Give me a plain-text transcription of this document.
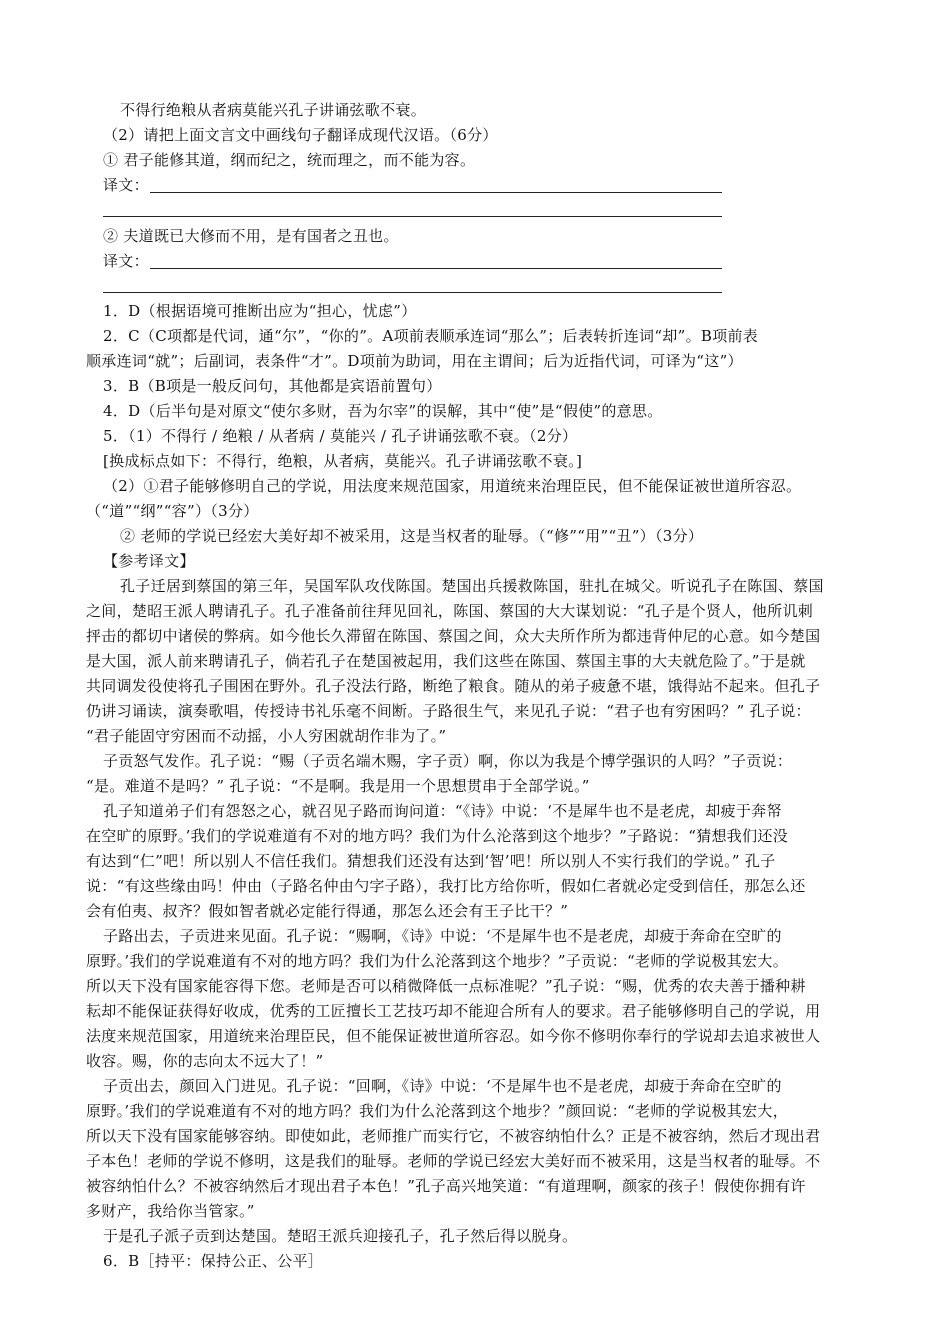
不得行绝粮从者病莫能兴孔子讲诵弦歌不衰。
（2）请把上面文言文中画线句子翻译成现代汉语。（6分）
① 君子能修其道，纲而纪之，统而理之，而不能为容。
译文：
② 夫道既已大修而不用，是有国者之丑也。
译文：
1．D（根据语境可推断出应为“担心，忧虑”）
2．C（C项都是代词，通“尔”，“你的”。A项前表顺承连词“那么”；后表转折连词“却”。B项前表
顺承连词“就”；后副词，表条件“才”。D项前为助词，用在主谓间；后为近指代词，可译为“这”）
3．B（B项是一般反问句，其他都是宾语前置句）
4．D（后半句是对原文“使尔多财，吾为尔宰”的误解，其中“使”是“假使”的意思。
5．（1）不得行 / 绝粮 / 从者病 / 莫能兴 / 孔子讲诵弦歌不衰。（2分）
[换成标点如下：不得行，绝粮，从者病，莫能兴。孔子讲诵弦歌不衰。]
（2）①君子能够修明自己的学说，用法度来规范国家，用道统来治理臣民，但不能保证被世道所容忍。
（“道”“纲”“容”）（3分）
② 老师的学说已经宏大美好却不被采用，这是当权者的耻辱。（“修”“用”“丑”）（3分）
【参考译文】
孔子迁居到蔡国的第三年，吴国军队攻伐陈国。楚国出兵援救陈国，驻扎在城父。听说孔子在陈国、蔡国
之间，楚昭王派人聘请孔子。孔子准备前往拜见回礼，陈国、蔡国的大大谋划说：“孔子是个贤人，他所讥刺
抨击的都切中诸侯的弊病。如今他长久滞留在陈国、蔡国之间，众大夫所作所为都违背仲尼的心意。如今楚国
是大国，派人前来聘请孔子，倘若孔子在楚国被起用，我们这些在陈国、蔡国主事的大夫就危险了。”于是就
共同调发役使将孔子围困在野外。孔子没法行路，断绝了粮食。随从的弟子疲惫不堪，饿得站不起来。但孔子
仍讲习诵读，演奏歌唱，传授诗书礼乐毫不间断。子路很生气，来见孔子说：“君子也有穷困吗？” 孔子说：
“君子能固守穷困而不动摇，小人穷困就胡作非为了。”
子贡怒气发作。孔子说：“赐（子贡名端木赐，字子贡）啊，你以为我是个博学强识的人吗？”子贡说：
“是。难道不是吗？” 孔子说：“不是啊。我是用一个思想贯串于全部学说。”
孔子知道弟子们有怨怒之心，就召见子路而询问道：“《诗》中说：‘不是犀牛也不是老虎，却疲于奔帑
在空旷的原野。’我们的学说难道有不对的地方吗？我们为什么沦落到这个地步？”子路说：“猜想我们还没
有达到“仁”吧！所以别人不信任我们。猜想我们还没有达到‘智’吧！所以别人不实行我们的学说。” 孔子
说：“有这些缘由吗！仲由（子路名仲由勺字子路），我打比方给你听，假如仁者就必定受到信任，那怎么还
会有伯夷、叔齐？假如智者就必定能行得通，那怎么还会有王子比干？”
子路出去，子贡进来见面。孔子说：“赐啊，《诗》中说：‘不是犀牛也不是老虎，却疲于奔命在空旷的
原野。’我们的学说难道有不对的地方吗？我们为什么沦落到这个地步？”子贡说：“老师的学说极其宏大。
所以天下没有国家能容得下您。老师是否可以稍微降低一点标准呢？”孔子说：“赐，优秀的农夫善于播种耕
耘却不能保证获得好收成，优秀的工匠擅长工艺技巧却不能迎合所有人的要求。君子能够修明自己的学说，用
法度来规范国家，用道统来治理臣民，但不能保证被世道所容忍。如今你不修明你奉行的学说却去追求被世人
收容。赐，你的志向太不远大了！”
子贡出去，颜回入门进见。孔子说：“回啊，《诗》中说：‘不是犀牛也不是老虎，却疲于奔命在空旷的
原野。’我们的学说难道有不对的地方吗？我们为什么沦落到这个地步？”颜回说：“老师的学说极其宏大，
所以天下没有国家能够容纳。即使如此，老师推广而实行它，不被容纳怕什么？正是不被容纳，然后才现出君
子本色！老师的学说不修明，这是我们的耻辱。老师的学说已经宏大美好而不被采用，这是当权者的耻辱。不
被容纳怕什么？不被容纳然后才现出君子本色！”孔子高兴地笑道：“有道理啊，颜家的孩子！假使你拥有许
多财产，我给你当管家。”
于是孔子派子贡到达楚国。楚昭王派兵迎接孔子，孔子然后得以脱身。
6．B［持平：保持公正、公平］
